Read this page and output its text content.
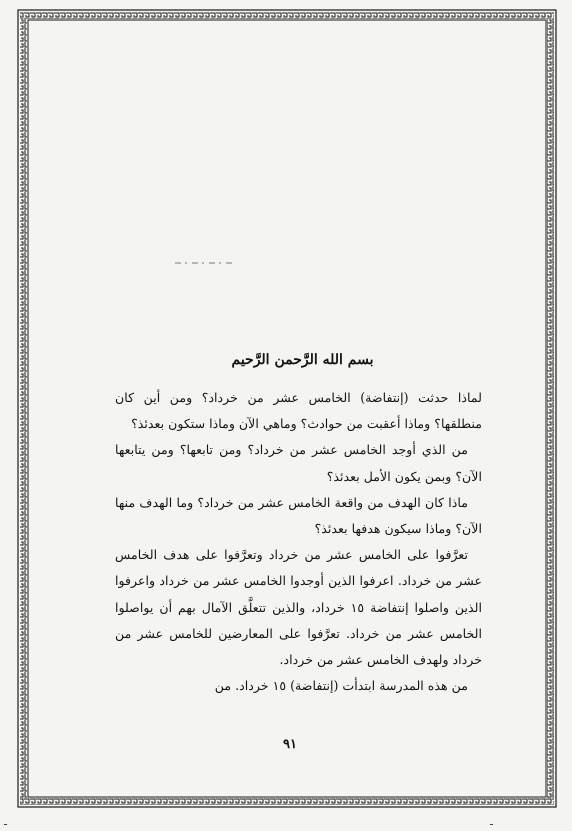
بسم الله الرَّحمن الرَّحيم

لماذا حدثت (إنتفاضة) الخامس عشر من خرداد؟ ومن أين كان منطلقها؟ وماذا أعقبت من حوادث؟ وماهي الآن وماذا ستكون بعدئذ؟

من الذي أوجد الخامس عشر من خرداد؟ ومن تابعها؟ ومن يتابعها الآن؟ وبمن يكون الأمل بعدئذ؟

ماذا كان الهدف من واقعة الخامس عشر من خرداد؟ وما الهدف منها الآن؟ وماذا سيكون هدفها بعدئذ؟

تعرَّفوا على الخامس عشر من خرداد وتعرَّفوا على هدف الخامس عشر من خرداد. اعرفوا الذين أوجدوا الخامس عشر من خرداد واعرفوا الذين واصلوا إنتفاضة ١٥ خرداد، والذين تتعلَّق الآمال بهم أن يواصلوا الخامس عشر من خرداد. تعرَّفوا على المعارضين للخامس عشر من خرداد ولهدف الخامس عشر من خرداد.

من هذه المدرسة ابتدأت (إنتفاضة) ١٥ خرداد. من

٩١
ـ	ـ
